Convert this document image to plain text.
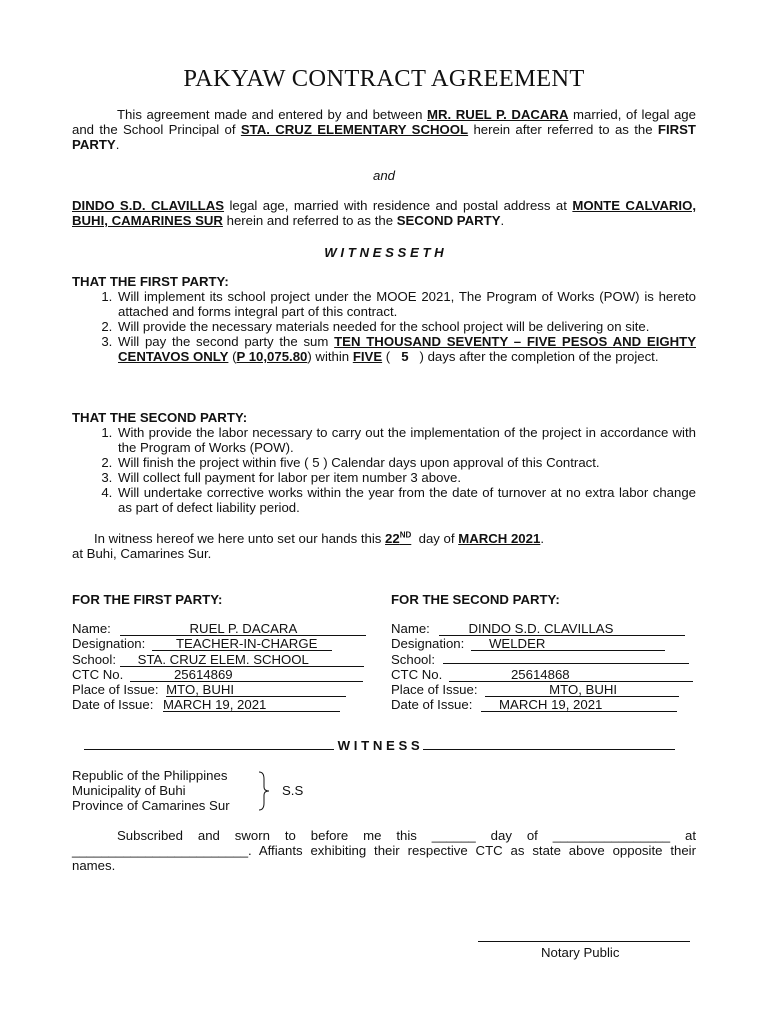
PAKYAW CONTRACT AGREEMENT
This agreement made and entered by and between MR. RUEL P. DACARA married, of legal age and the School Principal of STA. CRUZ ELEMENTARY SCHOOL herein after referred to as the FIRST PARTY.
and
DINDO S.D. CLAVILLAS legal age, married with residence and postal address at MONTE CALVARIO, BUHI, CAMARINES SUR herein and referred to as the SECOND PARTY.
W I T N E S S E T H
THAT THE FIRST PARTY:
1. Will implement its school project under the MOOE 2021, The Program of Works (POW) is hereto attached and forms integral part of this contract.
2. Will provide the necessary materials needed for the school project will be delivering on site.
3. Will pay the second party the sum TEN THOUSAND SEVENTY – FIVE PESOS AND EIGHTY CENTAVOS ONLY (P 10,075.80) within FIVE (   5   ) days after the completion of the project.
THAT THE SECOND PARTY:
1. With provide the labor necessary to carry out the implementation of the project in accordance with the Program of Works (POW).
2. Will finish the project within five ( 5 ) Calendar days upon approval of this Contract.
3. Will collect full payment for labor per item number 3 above.
4. Will undertake corrective works within the year from the date of turnover at no extra labor change as part of defect liability period.
In witness hereof we here unto set our hands this 22ND day of MARCH 2021.
at Buhi, Camarines Sur.
FOR THE FIRST PARTY:
Name:	RUEL P. DACARA
Designation: TEACHER-IN-CHARGE
School: STA. CRUZ ELEM. SCHOOL
CTC No.	25614869
Place of Issue: MTO, BUHI
Date of Issue: MARCH 19, 2021
FOR THE SECOND PARTY:
Name:	DINDO S.D. CLAVILLAS
Designation: WELDER
School:
CTC No.	25614868
Place of Issue:	MTO, BUHI
Date of Issue: MARCH 19, 2021
W I T N E S S
Republic of the Philippines
Municipality of Buhi
Province of Camarines Sur
S.S
Subscribed and sworn to before me this ______ day of ________________ at ________________________. Affiants exhibiting their respective CTC as state above opposite their names.
Notary Public
